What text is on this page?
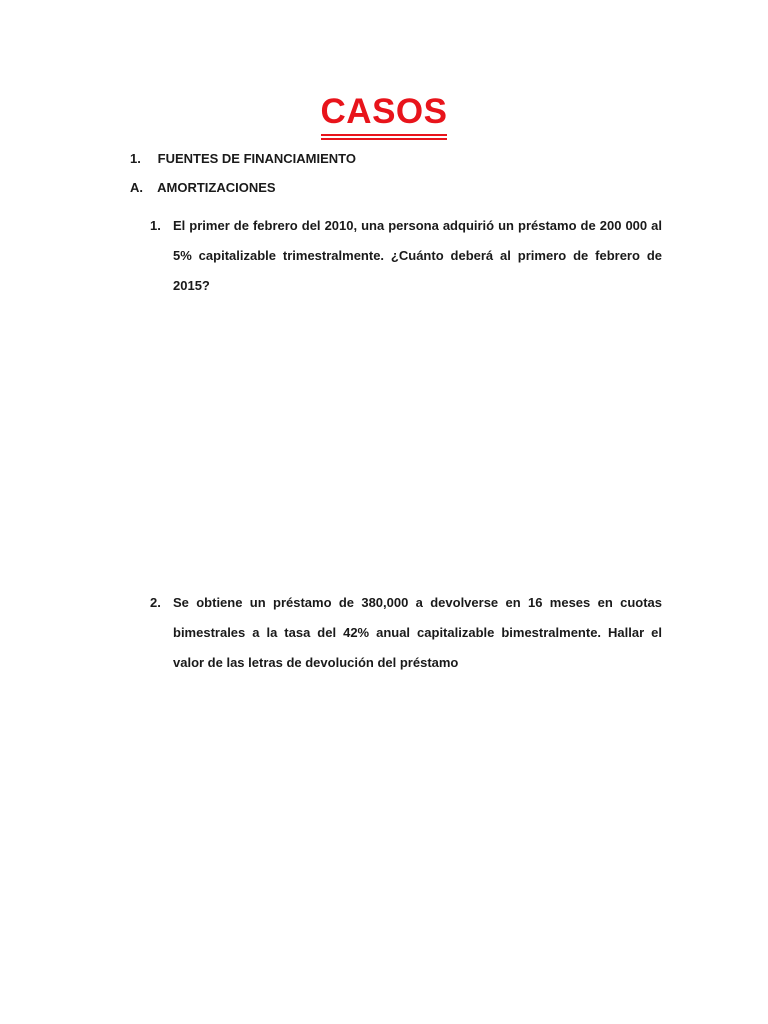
CASOS
1. FUENTES DE FINANCIAMIENTO
A. AMORTIZACIONES
1. El primer de febrero del 2010, una persona adquirió un préstamo de 200 000 al 5% capitalizable trimestralmente. ¿Cuánto deberá al primero de febrero de 2015?
2. Se obtiene un préstamo de 380,000 a devolverse en 16 meses en cuotas bimestrales a la tasa del 42% anual capitalizable bimestralmente. Hallar el valor de las letras de devolución del préstamo
